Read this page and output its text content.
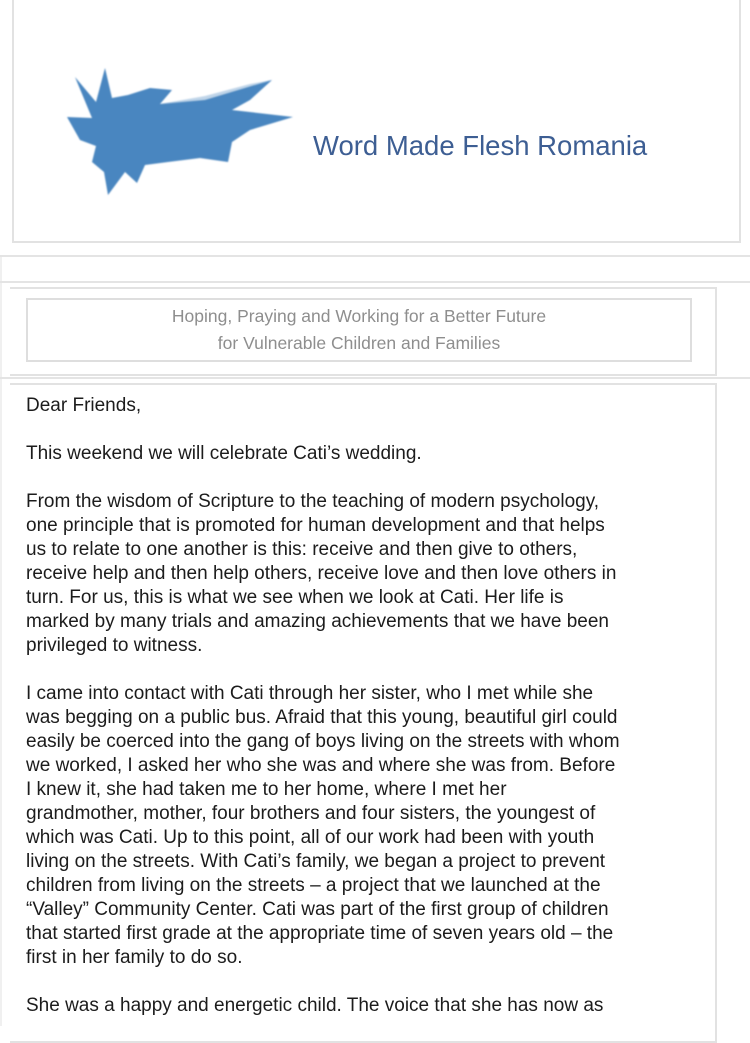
Word Made Flesh Romania
Hoping, Praying and Working for a Better Future
for Vulnerable Children and Families

Dear Friends,

This weekend we will celebrate Cati’s wedding.

From the wisdom of Scripture to the teaching of modern psychology,
one principle that is promoted for human development and that helps
us to relate to one another is this: receive and then give to others,
receive help and then help others, receive love and then love others in
turn. For us, this is what we see when we look at Cati. Her life is
marked by many trials and amazing achievements that we have been
privileged to witness.

I came into contact with Cati through her sister, who I met while she
was begging on a public bus. Afraid that this young, beautiful girl could
easily be coerced into the gang of boys living on the streets with whom
we worked, I asked her who she was and where she was from. Before
I knew it, she had taken me to her home, where I met her
grandmother, mother, four brothers and four sisters, the youngest of
which was Cati. Up to this point, all of our work had been with youth
living on the streets. With Cati’s family, we began a project to prevent
children from living on the streets – a project that we launched at the
“Valley” Community Center. Cati was part of the first group of children
that started first grade at the appropriate time of seven years old – the
first in her family to do so.

She was a happy and energetic child. The voice that she has now as
